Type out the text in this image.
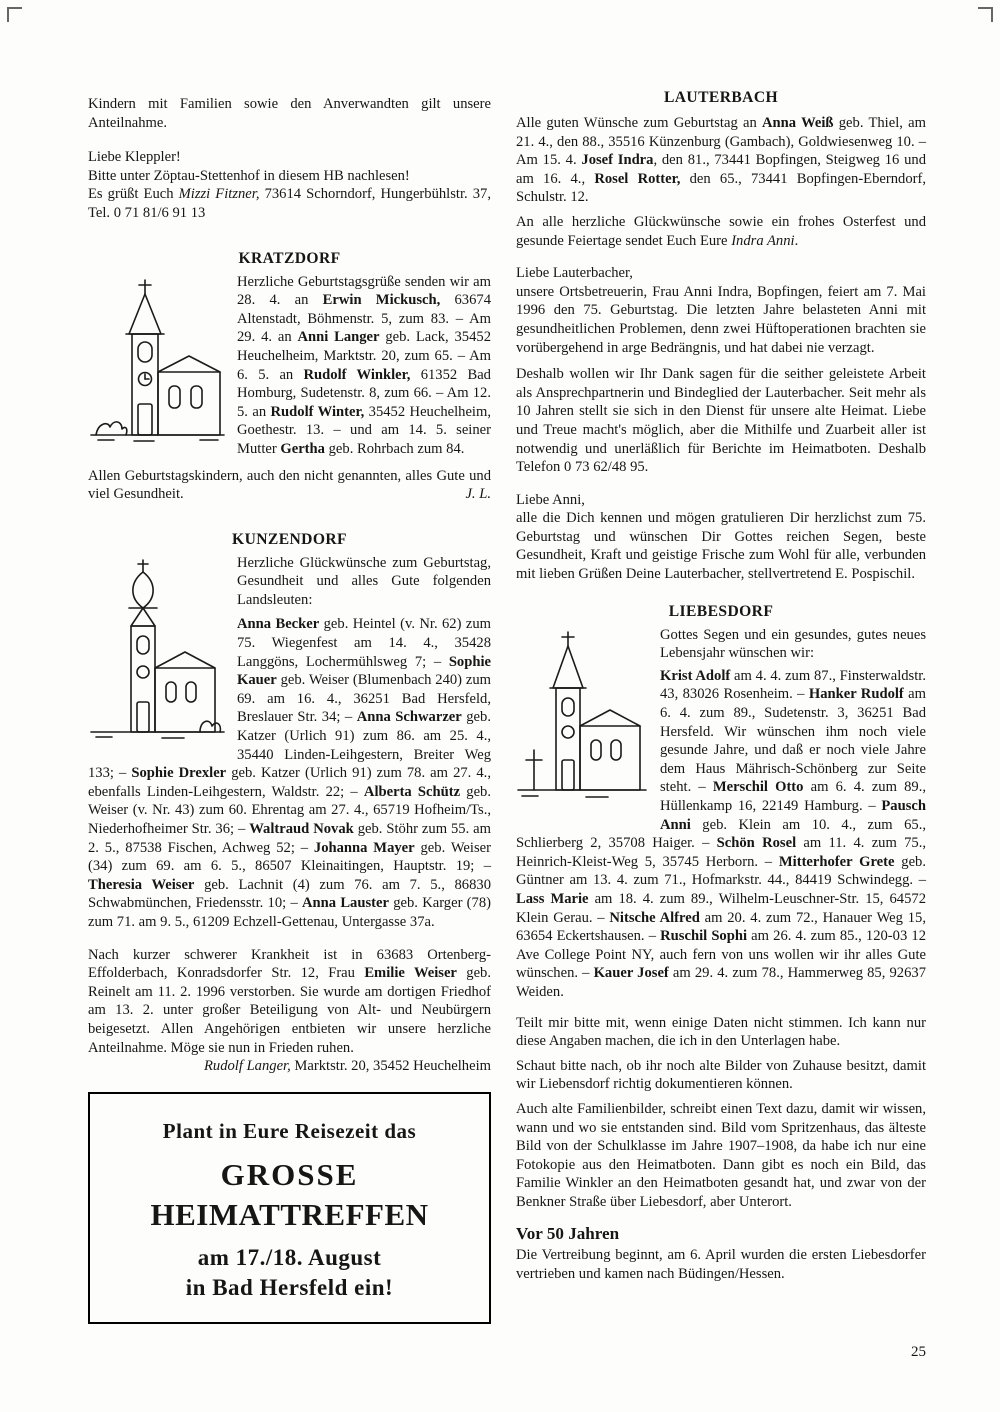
Kindern mit Familien sowie den Anverwandten gilt unsere Anteilnahme.

Liebe Kleppler!

Bitte unter Zöptau-Stettenhof in diesem HB nachlesen!

Es grüßt Euch Mizzi Fitzner, 73614 Schorndorf, Hungerbühlstr. 37, Tel. 0 71 81/6 91 13

KRATZDORF

Herzliche Geburtstagsgrüße senden wir am 28. 4. an Erwin Mickusch, 63674 Altenstadt, Böhmenstr. 5, zum 83. – Am 29. 4. an Anni Langer geb. Lack, 35452 Heuchelheim, Marktstr. 20, zum 65. – Am 6. 5. an Rudolf Winkler, 61352 Bad Homburg, Sudetenstr. 8, zum 66. – Am 12. 5. an Rudolf Winter, 35452 Heuchelheim, Goethestr. 13. – und am 14. 5. seiner Mutter Gertha geb. Rohrbach zum 84.

Allen Geburtstagskindern, auch den nicht genannten, alles Gute und viel Gesundheit.	J. L.

KUNZENDORF

Herzliche Glückwünsche zum Geburtstag, Gesundheit und alles Gute folgenden Landsleuten:

Anna Becker geb. Heintel (v. Nr. 62) zum 75. Wiegenfest am 14. 4., 35428 Langgöns, Lochermühlsweg 7; – Sophie Kauer geb. Weiser (Blumenbach 240) zum 69. am 16. 4., 36251 Bad Hersfeld, Breslauer Str. 34; – Anna Schwarzer geb. Katzer (Urlich 91) zum 86. am 25. 4., 35440 Linden-Leihgestern, Breiter Weg 133; – Sophie Drexler geb. Katzer (Urlich 91) zum 78. am 27. 4., ebenfalls Linden-Leihgestern, Waldstr. 22; – Alberta Schütz geb. Weiser (v. Nr. 43) zum 60. Ehrentag am 27. 4., 65719 Hofheim/Ts., Niederhofheimer Str. 36; – Waltraud Novak geb. Stöhr zum 55. am 2. 5., 87538 Fischen, Achweg 52; – Johanna Mayer geb. Weiser (34) zum 69. am 6. 5., 86507 Kleinaitingen, Hauptstr. 19; – Theresia Weiser geb. Lachnit (4) zum 76. am 7. 5., 86830 Schwabmünchen, Friedensstr. 10; – Anna Lauster geb. Karger (78) zum 71. am 9. 5., 61209 Echzell-Gettenau, Untergasse 37a.

Nach kurzer schwerer Krankheit ist in 63683 Ortenberg-Effolderbach, Konradsdorfer Str. 12, Frau Emilie Weiser geb. Reinelt am 11. 2. 1996 verstorben. Sie wurde am dortigen Friedhof am 13. 2. unter großer Beteiligung von Alt- und Neubürgern beigesetzt. Allen Angehörigen entbieten wir unsere herzliche Anteilnahme. Möge sie nun in Frieden ruhen.

Rudolf Langer, Marktstr. 20, 35452 Heuchelheim

Plant in Eure Reisezeit das
GROSSE
HEIMATTREFFEN
am 17./18. August
in Bad Hersfeld ein!
LAUTERBACH

Alle guten Wünsche zum Geburtstag an Anna Weiß geb. Thiel, am 21. 4., den 88., 35516 Künzenburg (Gambach), Goldwiesenweg 10. – Am 15. 4. Josef Indra, den 81., 73441 Bopfingen, Steigweg 16 und am 16. 4., Rosel Rotter, den 65., 73441 Bopfingen-Eberndorf, Schulstr. 12.

An alle herzliche Glückwünsche sowie ein frohes Osterfest und gesunde Feiertage sendet Euch Eure Indra Anni.

Liebe Lauterbacher,

unsere Ortsbetreuerin, Frau Anni Indra, Bopfingen, feiert am 7. Mai 1996 den 75. Geburtstag. Die letzten Jahre belasteten Anni mit gesundheitlichen Problemen, denn zwei Hüftoperationen brachten sie vorübergehend in arge Bedrängnis, und hat dabei nie verzagt.

Deshalb wollen wir Ihr Dank sagen für die seither geleistete Arbeit als Ansprechpartnerin und Bindeglied der Lauterbacher. Seit mehr als 10 Jahren stellt sie sich in den Dienst für unsere alte Heimat. Liebe und Treue macht's möglich, aber die Mithilfe und Zuarbeit aller ist notwendig und unerläßlich für Berichte im Heimatboten. Deshalb Telefon 0 73 62/48 95.

Liebe Anni,

alle die Dich kennen und mögen gratulieren Dir herzlichst zum 75. Geburtstag und wünschen Dir Gottes reichen Segen, beste Gesundheit, Kraft und geistige Frische zum Wohl für alle, verbunden mit lieben Grüßen Deine Lauterbacher, stellvertretend E. Pospischil.

LIEBESDORF

Gottes Segen und ein gesundes, gutes neues Lebensjahr wünschen wir:

Krist Adolf am 4. 4. zum 87., Finsterwaldstr. 43, 83026 Rosenheim. – Hanker Rudolf am 6. 4. zum 89., Sudetenstr. 3, 36251 Bad Hersfeld. Wir wünschen ihm noch viele gesunde Jahre, und daß er noch viele Jahre dem Haus Mährisch-Schönberg zur Seite steht. – Merschil Otto am 6. 4. zum 89., Hüllenkamp 16, 22149 Hamburg. – Pausch Anni geb. Klein am 10. 4., zum 65., Schlierberg 2, 35708 Haiger. – Schön Rosel am 11. 4. zum 75., Heinrich-Kleist-Weg 5, 35745 Herborn. – Mitterhofer Grete geb. Güntner am 13. 4. zum 71., Hofmarkstr. 44., 84419 Schwindegg. – Lass Marie am 18. 4. zum 89., Wilhelm-Leuschner-Str. 15, 64572 Klein Gerau. – Nitsche Alfred am 20. 4. zum 72., Hanauer Weg 15, 63654 Eckertshausen. – Ruschil Sophi am 26. 4. zum 85., 120-03 12 Ave College Point NY, auch fern von uns wollen wir ihr alles Gute wünschen. – Kauer Josef am 29. 4. zum 78., Hammerweg 85, 92637 Weiden.

Teilt mir bitte mit, wenn einige Daten nicht stimmen. Ich kann nur diese Angaben machen, die ich in den Unterlagen habe.

Schaut bitte nach, ob ihr noch alte Bilder von Zuhause besitzt, damit wir Liebensdorf richtig dokumentieren können.

Auch alte Familienbilder, schreibt einen Text dazu, damit wir wissen, wann und wo sie entstanden sind. Bild vom Spritzenhaus, das älteste Bild von der Schulklasse im Jahre 1907–1908, da habe ich nur eine Fotokopie aus den Heimatboten. Dann gibt es noch ein Bild, das Familie Winkler an den Heimatboten gesandt hat, und zwar von der Benkner Straße über Liebesdorf, aber Unterort.

Vor 50 Jahren

Die Vertreibung beginnt, am 6. April wurden die ersten Liebesdorfer vertrieben und kamen nach Büdingen/Hessen.

25
